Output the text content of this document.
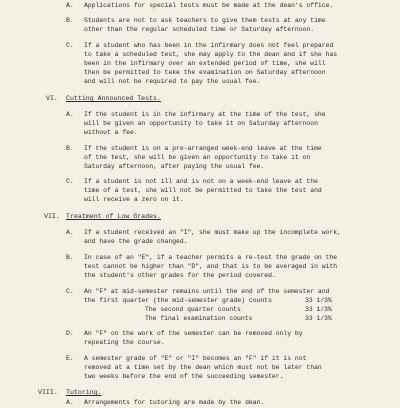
A. Applications for special tests must be made at the dean's office.
B. Students are not to ask teachers to give them tests at any time
other than the regular scheduled time or Saturday afternoon.
C. If a student who has been in the infirmary does not feel prepared
to take a scheduled test, she may apply to the dean and if she has
been in the infirmary over an extended period of time, she will
then be permitted to take the examination on Saturday afternoon
and will not be required to pay the usual fee.
VI. Cutting Announced Tests.
A. If the student is in the infirmary at the time of the test, she
will be given an opportunity to take it on Saturday afternoon
without a fee.
B. If the student is on a pre-arranged week-end leave at the time
of the test, she will be given an opportunity to take it on
Saturday afternoon, after paying the usual fee.
C. If a student is not ill and is not on a week-end leave at the
time of a test, she will not be permitted to take the test and
will receive a zero on it.
VII. Treatment of Low Grades.
A. If a student received an "I", she must make up the incomplete work,
and have the grade changed.
B. In case of an "E", if a teacher permits a re-test the grade on the
test cannot be higher than "D", and that is to be averaged in with
the student's other grades for the period covered.
C. An "F" at mid-semester remains until the end of the semester and
the first quarter (the mid-semester grade) counts	33 1/3%
The second quarter counts	33 1/3%
The final examination counts	33 1/3%
D. An "F" on the work of the semester can be removed only by
repeating the course.
E. A semester grade of "E" or "I" becomes an "F" if it is not
removed at a time set by the dean which must not be later than
two weeks before the end of the succeeding semester.
VIII. Tutoring.
A. Arrangements for tutoring are made by the dean.
